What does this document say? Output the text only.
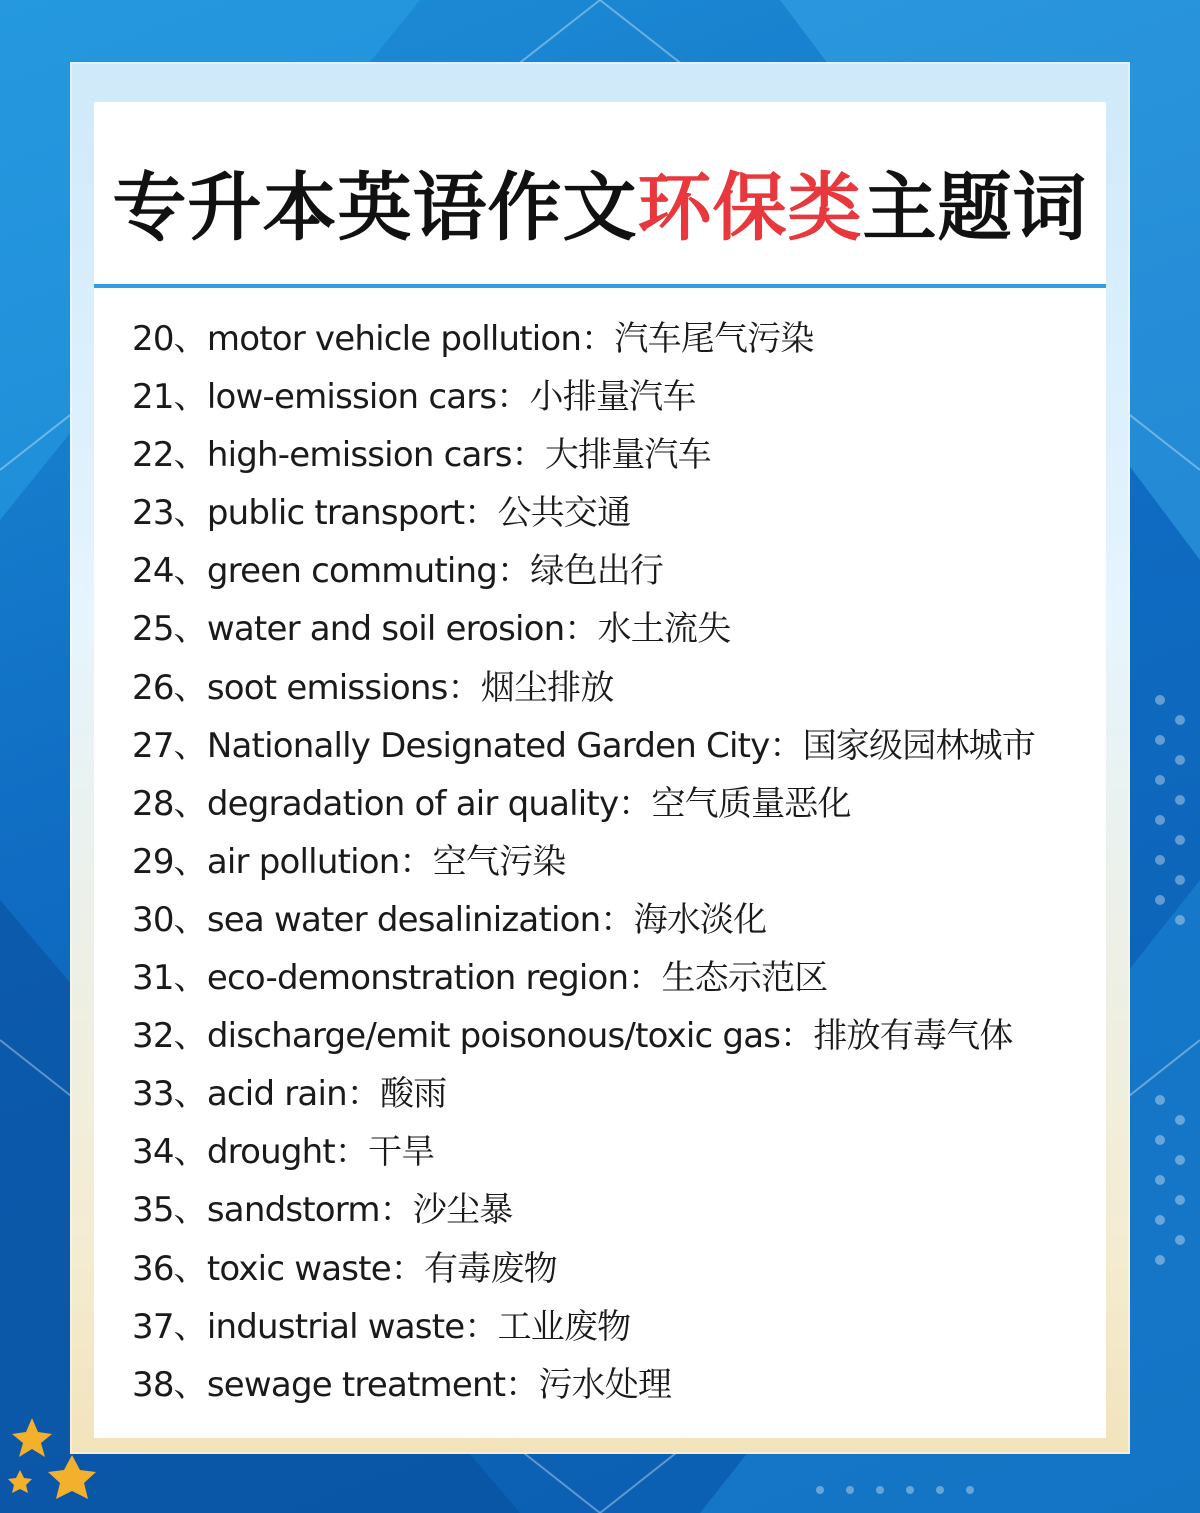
专升本英语作文环保类主题词
20、motor vehicle pollution：汽车尾气污染
21、low-emission cars：小排量汽车
22、high-emission cars：大排量汽车
23、public transport：公共交通
24、green commuting：绿色出行
25、water and soil erosion：水土流失
26、soot emissions：烟尘排放
27、Nationally Designated Garden City：国家级园林城市
28、degradation of air quality：空气质量恶化
29、air pollution：空气污染
30、sea water desalinization：海水淡化
31、eco-demonstration region：生态示范区
32、discharge/emit poisonous/toxic gas：排放有毒气体
33、acid rain：酸雨
34、drought：干旱
35、sandstorm：沙尘暴
36、toxic waste：有毒废物
37、industrial waste：工业废物
38、sewage treatment：污水处理
